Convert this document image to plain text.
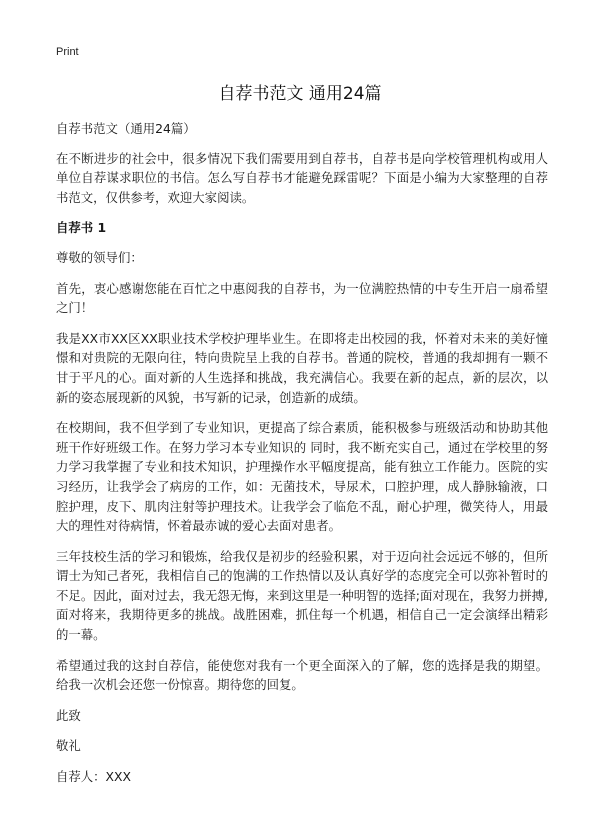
Print
自荐书范文 通用24篇

自荐书范文（通用24篇）

在不断进步的社会中，很多情况下我们需要用到自荐书，自荐书是向学校管理机构或用人单位自荐谋求职位的书信。怎么写自荐书才能避免踩雷呢？下面是小编为大家整理的自荐书范文，仅供参考，欢迎大家阅读。

自荐书 1

尊敬的领导们：

首先，衷心感谢您能在百忙之中惠阅我的自荐书，为一位满腔热情的中专生开启一扇希望之门！

我是XX市XX区XX职业技术学校护理毕业生。在即将走出校园的我，怀着对未来的美好憧憬和对贵院的无限向往，特向贵院呈上我的自荐书。普通的院校，普通的我却拥有一颗不甘于平凡的心。面对新的人生选择和挑战，我充满信心。我要在新的起点，新的层次，以新的姿态展现新的风貌，书写新的记录，创造新的成绩。

在校期间，我不但学到了专业知识，更提高了综合素质，能积极参与班级活动和协助其他班干作好班级工作。在努力学习本专业知识的 同时，我不断充实自己，通过在学校里的努力学习我掌握了专业和技术知识，护理操作水平幅度提高，能有独立工作能力。医院的实习经历，让我学会了病房的工作，如：无菌技术，导尿术，口腔护理，成人静脉输液，口腔护理，皮下、肌肉注射等护理技术。让我学会了临危不乱，耐心护理，微笑待人，用最大的理性对待病情，怀着最赤诚的爱心去面对患者。

三年技校生活的学习和锻炼，给我仅是初步的经验积累，对于迈向社会远远不够的，但所谓士为知己者死，我相信自己的饱满的工作热情以及认真好学的态度完全可以弥补暂时的不足。因此，面对过去，我无怨无悔，来到这里是一种明智的选择;面对现在，我努力拼搏,面对将来，我期待更多的挑战。战胜困难，抓住每一个机遇，相信自己一定会演绎出精彩的一幕。

希望通过我的这封自荐信，能使您对我有一个更全面深入的了解，您的选择是我的期望。给我一次机会还您一份惊喜。期待您的回复。

此致

敬礼

自荐人：XXX
